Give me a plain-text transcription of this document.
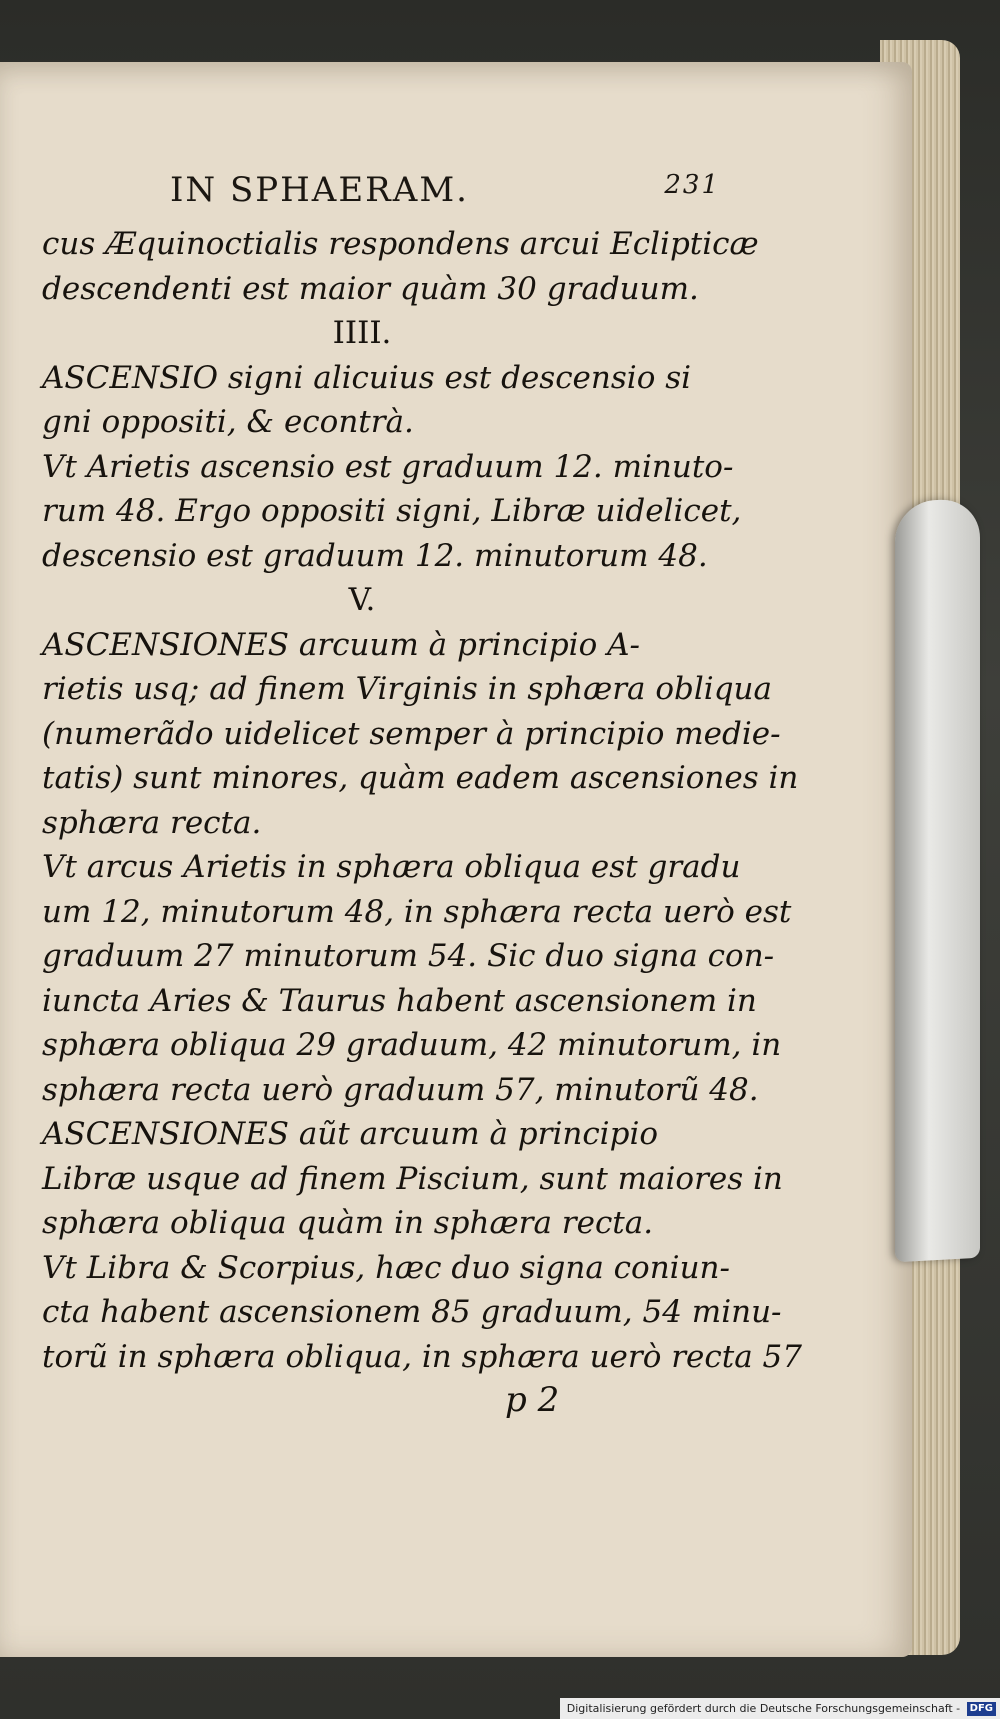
IN SPHAERAM.	231
cus Æquinoctialis respondens arcui Eclipticæ
descendenti est maior quàm 30 graduum.
IIII.
ASCENSIO signi alicuius est descensio si
gni oppositi, & econtrà.
Vt Arietis ascensio est graduum 12. minuto-
rum 48. Ergo oppositi signi, Libræ uidelicet,
descensio est graduum 12. minutorum 48.
V.
ASCENSIONES arcuum à principio A-
rietis usq; ad finem Virginis in sphæra obliqua
(numerãdo uidelicet semper à principio medie-
tatis) sunt minores, quàm eadem ascensiones in
sphæra recta.
Vt arcus Arietis in sphæra obliqua est gradu
um 12, minutorum 48, in sphæra recta uerò est
graduum 27 minutorum 54. Sic duo signa con-
iuncta Aries & Taurus habent ascensionem in
sphæra obliqua 29 graduum, 42 minutorum, in
sphæra recta uerò graduum 57, minutorũ 48.
ASCENSIONES aũt arcuum à principio
Libræ usque ad finem Piscium, sunt maiores in
sphæra obliqua quàm in sphæra recta.
Vt Libra & Scorpius, hæc duo signa coniun-
cta habent ascensionem 85 graduum, 54 minu-
torũ in sphæra obliqua, in sphæra uerò recta 57
p 2
Digitalisierung gefördert durch die Deutsche Forschungsgemeinschaft - DFG
